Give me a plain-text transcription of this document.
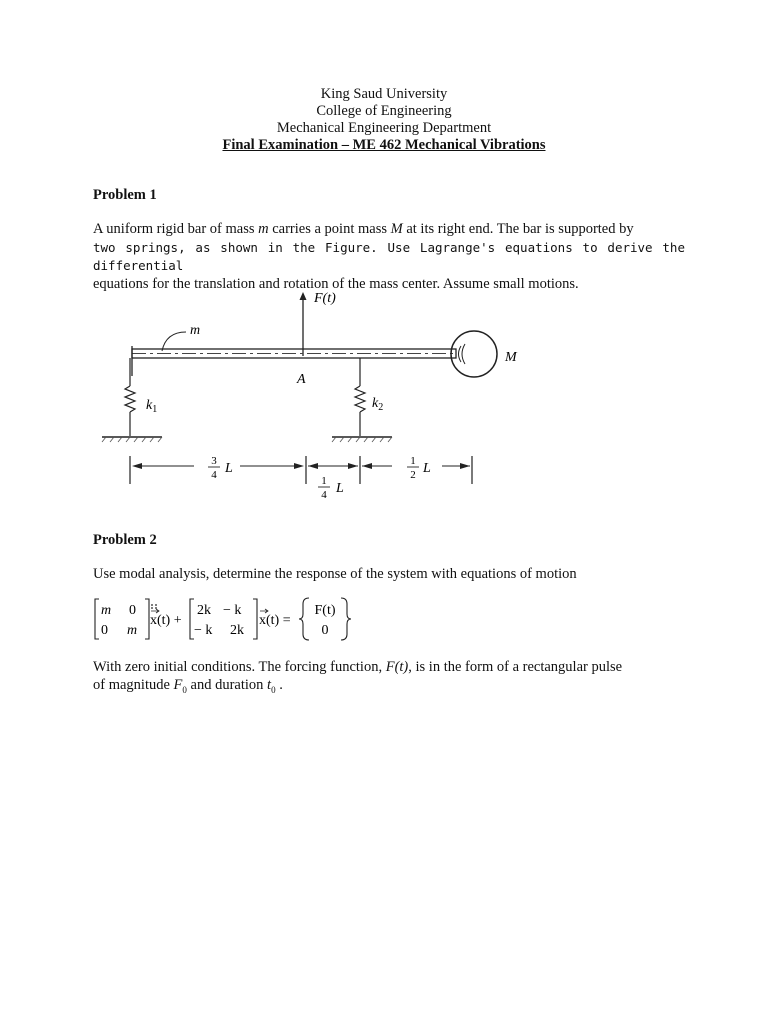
King Saud University
College of Engineering
Mechanical Engineering Department
Final Examination – ME 462 Mechanical Vibrations
Problem 1
A uniform rigid bar of mass m carries a point mass M at its right end. The bar is supported by
two springs, as shown in the Figure. Use Lagrange's equations to derive the differential
equations for the translation and rotation of the mass center. Assume small motions.
F(t)
m
M
A
$k_1$	$k_2$
3
4 L
1
4 L
1
2 L
Problem 2
Use modal analysis, determine the response of the system with equations of motion
m 0
0 m
x(t) +
2k − k
− k 2k
x(t) =
F(t)
0
With zero initial conditions. The forcing function, F(t), is in the form of a rectangular pulse
of magnitude $F_0$ and duration $t_0$ .
